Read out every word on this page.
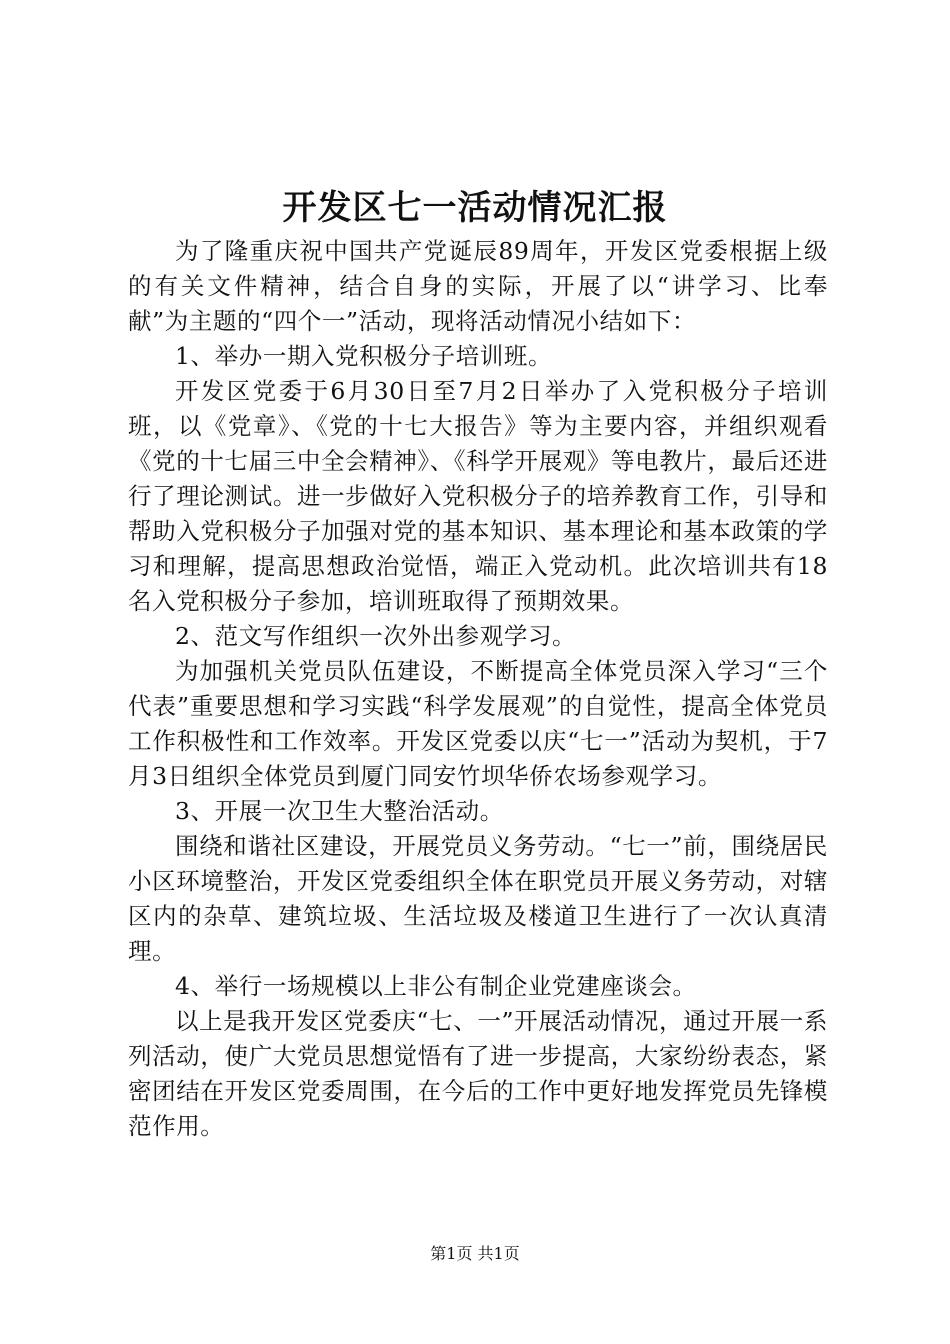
开发区七一活动情况汇报

为了隆重庆祝中国共产党诞辰89周年，开发区党委根据上级的有关文件精神，结合自身的实际，开展了以“讲学习、比奉献”为主题的“四个一”活动，现将活动情况小结如下：

1、举办一期入党积极分子培训班。

开发区党委于6月30日至7月2日举办了入党积极分子培训班，以《党章》、《党的十七大报告》等为主要内容，并组织观看《党的十七届三中全会精神》、《科学开展观》等电教片，最后还进行了理论测试。进一步做好入党积极分子的培养教育工作，引导和帮助入党积极分子加强对党的基本知识、基本理论和基本政策的学习和理解，提高思想政治觉悟，端正入党动机。此次培训共有18名入党积极分子参加，培训班取得了预期效果。

2、范文写作组织一次外出参观学习。

为加强机关党员队伍建设，不断提高全体党员深入学习“三个代表”重要思想和学习实践“科学发展观”的自觉性，提高全体党员工作积极性和工作效率。开发区党委以庆“七一”活动为契机，于7月3日组织全体党员到厦门同安竹坝华侨农场参观学习。

3、开展一次卫生大整治活动。

围绕和谐社区建设，开展党员义务劳动。“七一”前，围绕居民小区环境整治，开发区党委组织全体在职党员开展义务劳动，对辖区内的杂草、建筑垃圾、生活垃圾及楼道卫生进行了一次认真清理。

4、举行一场规模以上非公有制企业党建座谈会。

以上是我开发区党委庆“七、一”开展活动情况，通过开展一系列活动，使广大党员思想觉悟有了进一步提高，大家纷纷表态，紧密团结在开发区党委周围，在今后的工作中更好地发挥党员先锋模范作用。

第1页 共1页
